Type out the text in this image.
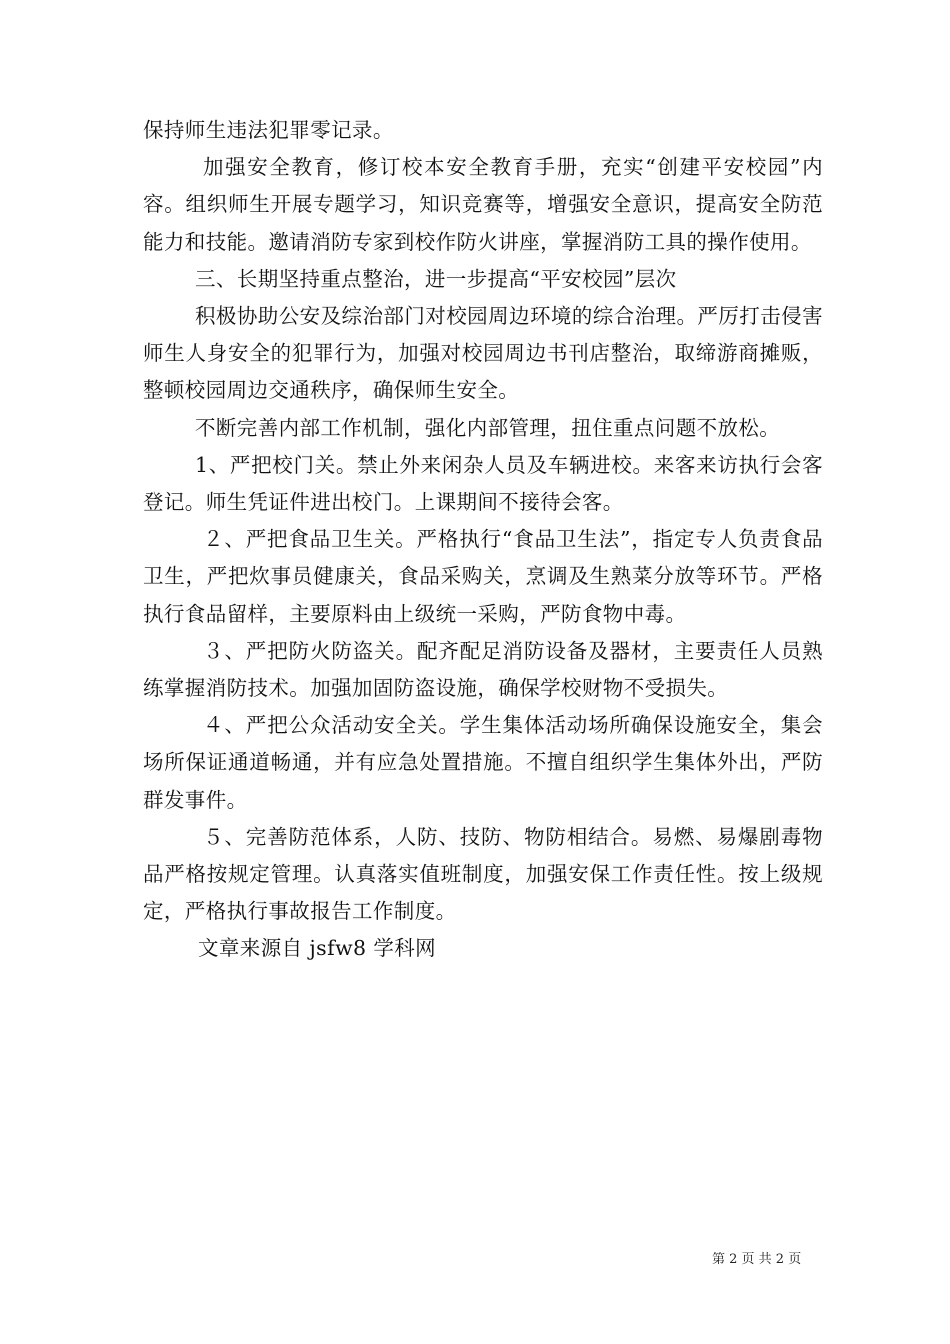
保持师生违法犯罪零记录。

加强安全教育，修订校本安全教育手册，充实“创建平安校园”内容。组织师生开展专题学习，知识竞赛等，增强安全意识，提高安全防范能力和技能。邀请消防专家到校作防火讲座，掌握消防工具的操作使用。

三、长期坚持重点整治，进一步提高“平安校园”层次

积极协助公安及综治部门对校园周边环境的综合治理。严厉打击侵害师生人身安全的犯罪行为，加强对校园周边书刊店整治，取缔游商摊贩，整顿校园周边交通秩序，确保师生安全。

不断完善内部工作机制，强化内部管理，扭住重点问题不放松。

1、严把校门关。禁止外来闲杂人员及车辆进校。来客来访执行会客登记。师生凭证件进出校门。上课期间不接待会客。

２、严把食品卫生关。严格执行“食品卫生法”，指定专人负责食品卫生，严把炊事员健康关，食品采购关，烹调及生熟菜分放等环节。严格执行食品留样，主要原料由上级统一采购，严防食物中毒。

３、严把防火防盗关。配齐配足消防设备及器材，主要责任人员熟练掌握消防技术。加强加固防盗设施，确保学校财物不受损失。

４、严把公众活动安全关。学生集体活动场所确保设施安全，集会场所保证通道畅通，并有应急处置措施。不擅自组织学生集体外出，严防群发事件。

５、完善防范体系，人防、技防、物防相结合。易燃、易爆剧毒物品严格按规定管理。认真落实值班制度，加强安保工作责任性。按上级规定，严格执行事故报告工作制度。

文章来源自 jsfw8 学科网

第 2 页 共 2 页
